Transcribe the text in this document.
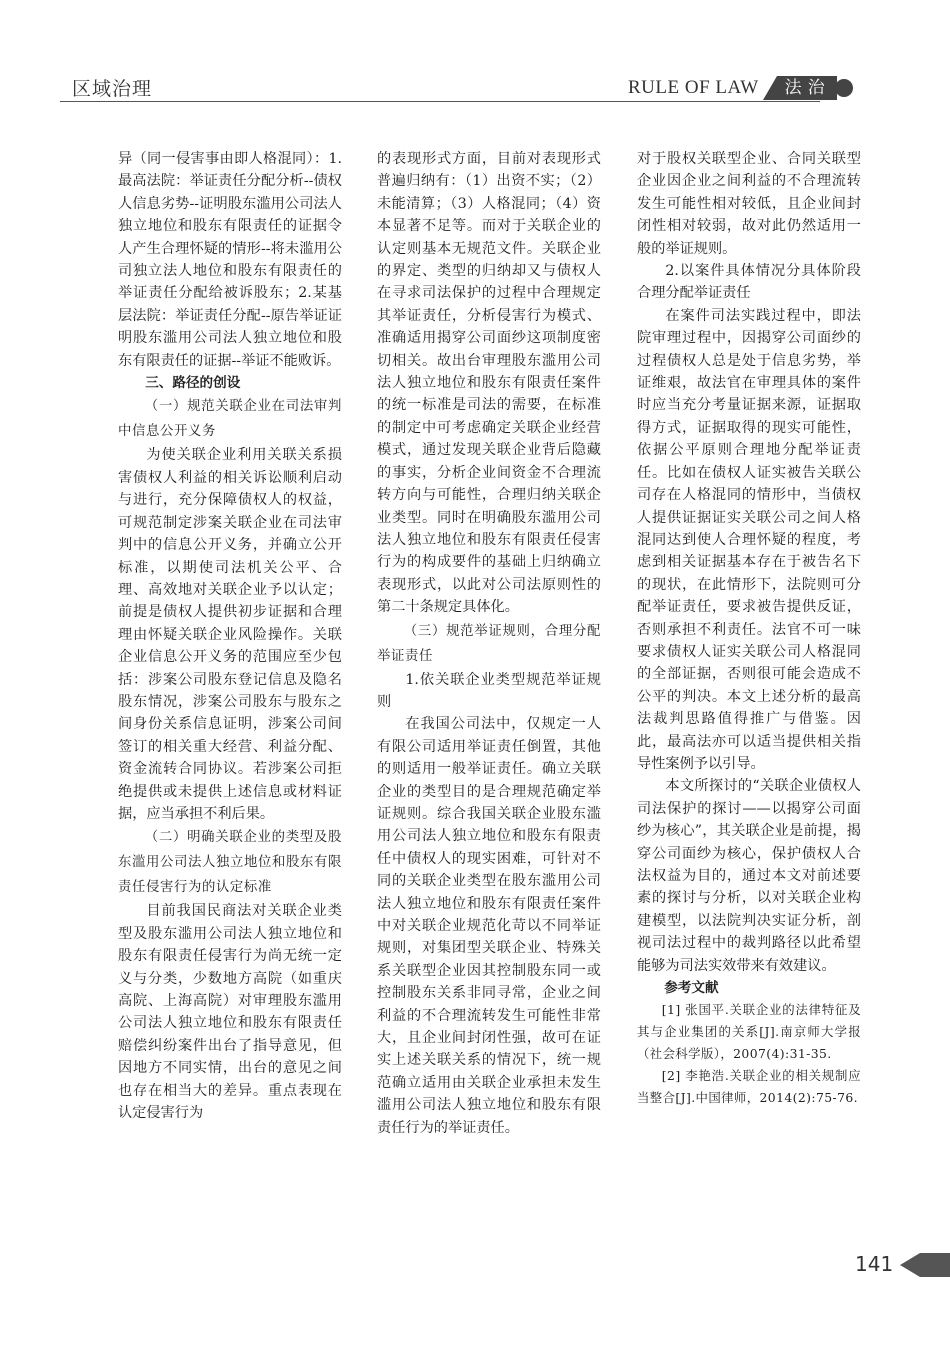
区域治理	RULE OF LAW	法治

异（同一侵害事由即人格混同）：1.最高法院：举证责任分配分析--债权人信息劣势--证明股东滥用公司法人独立地位和股东有限责任的证据令人产生合理怀疑的情形--将未滥用公司独立法人地位和股东有限责任的举证责任分配给被诉股东；2.某基层法院：举证责任分配--原告举证证明股东滥用公司法人独立地位和股东有限责任的证据--举证不能败诉。

三、路径的创设

（一）规范关联企业在司法审判中信息公开义务

为使关联企业利用关联关系损害债权人利益的相关诉讼顺利启动与进行，充分保障债权人的权益，可规范制定涉案关联企业在司法审判中的信息公开义务，并确立公开标准，以期使司法机关公平、合理、高效地对关联企业予以认定；前提是债权人提供初步证据和合理理由怀疑关联企业风险操作。关联企业信息公开义务的范围应至少包括：涉案公司股东登记信息及隐名股东情况，涉案公司股东与股东之间身份关系信息证明，涉案公司间签订的相关重大经营、利益分配、资金流转合同协议。若涉案公司拒绝提供或未提供上述信息或材料证据，应当承担不利后果。

（二）明确关联企业的类型及股东滥用公司法人独立地位和股东有限责任侵害行为的认定标准

目前我国民商法对关联企业类型及股东滥用公司法人独立地位和股东有限责任侵害行为尚无统一定义与分类，少数地方高院（如重庆高院、上海高院）对审理股东滥用公司法人独立地位和股东有限责任赔偿纠纷案件出台了指导意见，但因地方不同实情，出台的意见之间也存在相当大的差异。重点表现在认定侵害行为

的表现形式方面，目前对表现形式普遍归纳有：（1）出资不实；（2）未能清算；（3）人格混同；（4）资本显著不足等。而对于关联企业的认定则基本无规范文件。关联企业的界定、类型的归纳却又与债权人在寻求司法保护的过程中合理规定其举证责任，分析侵害行为模式、准确适用揭穿公司面纱这项制度密切相关。故出台审理股东滥用公司法人独立地位和股东有限责任案件的统一标准是司法的需要，在标准的制定中可考虑确定关联企业经营模式，通过发现关联企业背后隐藏的事实，分析企业间资金不合理流转方向与可能性，合理归纳关联企业类型。同时在明确股东滥用公司法人独立地位和股东有限责任侵害行为的构成要件的基础上归纳确立表现形式，以此对公司法原则性的第二十条规定具体化。

（三）规范举证规则，合理分配举证责任

1.依关联企业类型规范举证规则

在我国公司法中，仅规定一人有限公司适用举证责任倒置，其他的则适用一般举证责任。确立关联企业的类型目的是合理规范确定举证规则。综合我国关联企业股东滥用公司法人独立地位和股东有限责任中债权人的现实困难，可针对不同的关联企业类型在股东滥用公司法人独立地位和股东有限责任案件中对关联企业规范化苛以不同举证规则，对集团型关联企业、特殊关系关联型企业因其控制股东同一或控制股东关系非同寻常，企业之间利益的不合理流转发生可能性非常大，且企业间封闭性强，故可在证实上述关联关系的情况下，统一规范确立适用由关联企业承担未发生滥用公司法人独立地位和股东有限责任行为的举证责任。

对于股权关联型企业、合同关联型企业因企业之间利益的不合理流转发生可能性相对较低，且企业间封闭性相对较弱，故对此仍然适用一般的举证规则。

2.以案件具体情况分具体阶段合理分配举证责任

在案件司法实践过程中，即法院审理过程中，因揭穿公司面纱的过程债权人总是处于信息劣势，举证维艰，故法官在审理具体的案件时应当充分考量证据来源，证据取得方式，证据取得的现实可能性，依据公平原则合理地分配举证责任。比如在债权人证实被告关联公司存在人格混同的情形中，当债权人提供证据证实关联公司之间人格混同达到使人合理怀疑的程度，考虑到相关证据基本存在于被告名下的现状，在此情形下，法院则可分配举证责任，要求被告提供反证，否则承担不利责任。法官不可一味要求债权人证实关联公司人格混同的全部证据，否则很可能会造成不公平的判决。本文上述分析的最高法裁判思路值得推广与借鉴。因此，最高法亦可以适当提供相关指导性案例予以引导。

本文所探讨的“关联企业债权人司法保护的探讨——以揭穿公司面纱为核心”，其关联企业是前提，揭穿公司面纱为核心，保护债权人合法权益为目的，通过本文对前述要素的探讨与分析，以对关联企业构建模型，以法院判决实证分析，剖视司法过程中的裁判路径以此希望能够为司法实效带来有效建议。

参考文献

[1] 张国平.关联企业的法律特征及其与企业集团的关系[J].南京师大学报（社会科学版），2007(4):31-35.

[2] 李艳浩.关联企业的相关规制应当整合[J].中国律师，2014(2):75-76.

141
